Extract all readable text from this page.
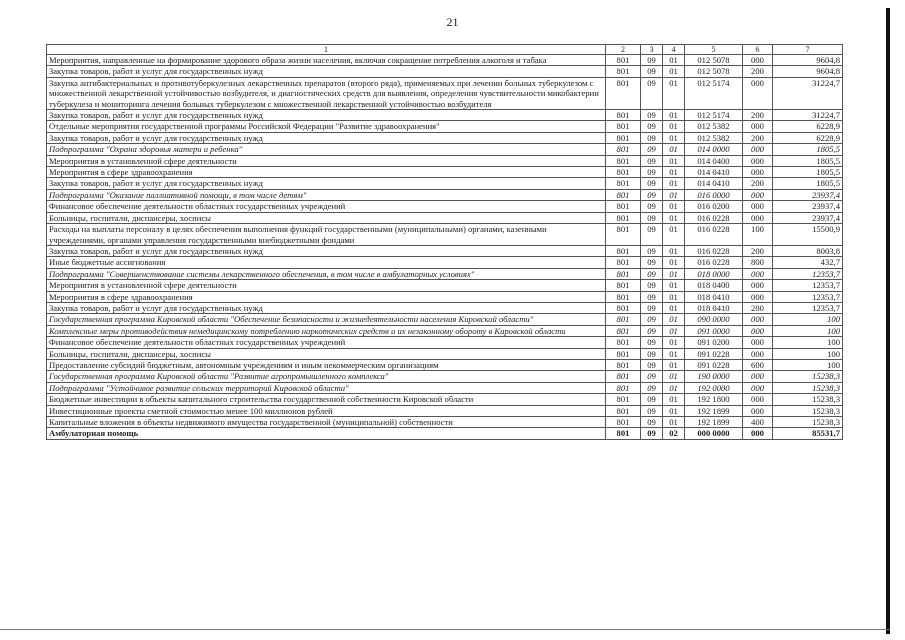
21
1	2	3	4	5	6	7
Мероприятия, направленные на формирование здорового образа жизни населения, включая сокращение потребления алкоголя и табака	801	09	01	012 5078	000	9604,8
Закупка товаров, работ и услуг для государственных нужд	801	09	01	012 5078	200	9604,8
Закупка антибактериальных и противотуберкулезных лекарственных препаратов (второго ряда), применяемых при лечении больных туберкулезом с множественной лекарственной устойчивостью возбудителя, и диагностических средств для выявления, определения чувствительности микобактерии туберкулеза и мониторинга лечения больных туберкулезом с множественной лекарственной устойчивостью возбудителя	801	09	01	012 5174	000	31224,7
Закупка товаров, работ и услуг для государственных нужд	801	09	01	012 5174	200	31224,7
Отдельные мероприятия государственной программы Российской Федерации "Развитие здравоохранения"	801	09	01	012 5382	000	6228,9
Закупка товаров, работ и услуг для государственных нужд	801	09	01	012 5382	200	6228,9
Подпрограмма "Охрана здоровья матери и ребенка"	801	09	01	014 0000	000	1805,5
Мероприятия в установленной сфере деятельности	801	09	01	014 0400	000	1805,5
Мероприятия в сфере здравоохранения	801	09	01	014 0410	000	1805,5
Закупка товаров, работ и услуг для государственных нужд	801	09	01	014 0410	200	1805,5
Подпрограмма "Оказание паллиативной помощи, в том числе детям"	801	09	01	016 0000	000	23937,4
Финансовое обеспечение деятельности областных государственных учреждений	801	09	01	016 0200	000	23937,4
Больницы, госпитали, диспансеры, хосписы	801	09	01	016 0228	000	23937,4
Расходы на выплаты персоналу в целях обеспечения выполнения функций государственными (муниципальными) органами, казенными учреждениями, органами управления государственными внебюджетными фондами	801	09	01	016 0228	100	15500,9
Закупка товаров, работ и услуг для государственных нужд	801	09	01	016 0228	200	8003,8
Иные бюджетные ассигнования	801	09	01	016 0228	800	432,7
Подпрограмма "Совершенствование системы лекарственного обеспечения, в том числе в амбулаторных условиях"	801	09	01	018 0000	000	12353,7
Мероприятия в установленной сфере деятельности	801	09	01	018 0400	000	12353,7
Мероприятия в сфере здравоохранения	801	09	01	018 0410	000	12353,7
Закупка товаров, работ и услуг для государственных нужд	801	09	01	018 0410	200	12353,7
Государственная программа Кировской области "Обеспечение безопасности и жизнедеятельности населения Кировской области"	801	09	01	090 0000	000	100
Комплексные меры противодействия немедицинскому потреблению наркотических средств и их незаконному обороту в Кировской области	801	09	01	091 0000	000	100
Финансовое обеспечение деятельности областных государственных учреждений	801	09	01	091 0200	000	100
Больницы, госпитали, диспансеры, хосписы	801	09	01	091 0228	000	100
Предоставление субсидий бюджетным, автономным учреждениям и иным некоммерческим организациям	801	09	01	091 0228	600	100
Государственная программа Кировской области "Развитие агропромышленного комплекса"	801	09	01	190 0000	000	15238,3
Подпрограмма "Устойчивое развитие сельских территорий Кировской области"	801	09	01	192 0000	000	15238,3
Бюджетные инвестиции в объекты капитального строительства государственной собственности Кировской области	801	09	01	192 1800	000	15238,3
Инвестиционные проекты сметной стоимостью менее 100 миллионов рублей	801	09	01	192 1899	000	15238,3
Капитальные вложения в объекты недвижимого имущества государственной (муниципальной) собственности	801	09	01	192 1899	400	15238,3
Амбулаторная помощь	801	09	02	000 0000	000	85531,7
